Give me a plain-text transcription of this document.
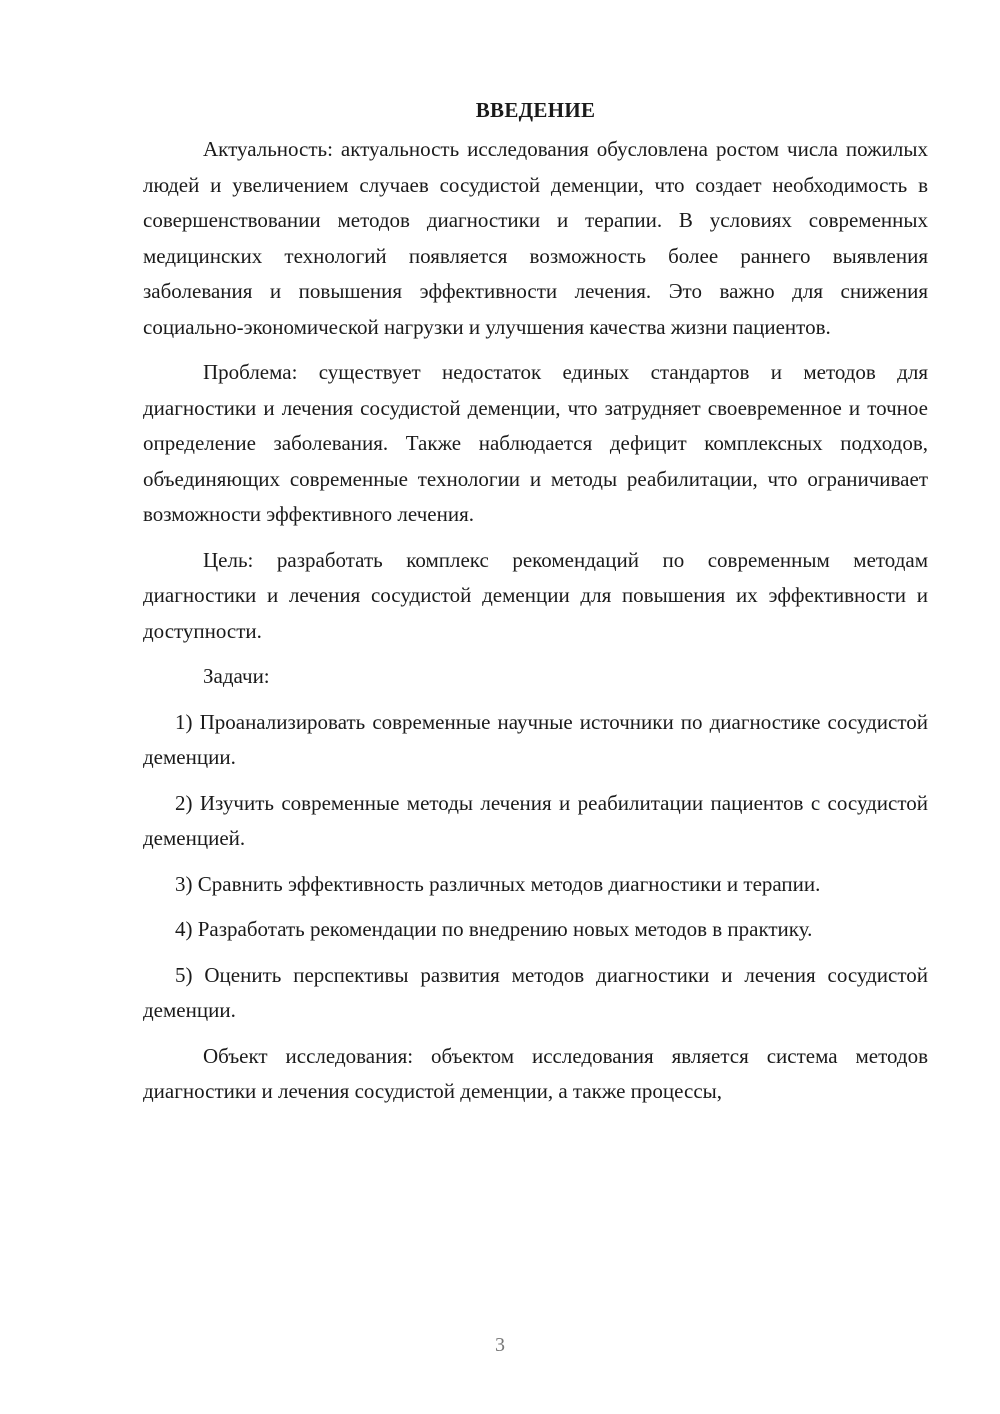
ВВЕДЕНИЕ

Актуальность: актуальность исследования обусловлена ростом числа пожилых людей и увеличением случаев сосудистой деменции, что создает необходимость в совершенствовании методов диагностики и терапии. В условиях современных медицинских технологий появляется возможность более раннего выявления заболевания и повышения эффективности лечения. Это важно для снижения социально-экономической нагрузки и улучшения качества жизни пациентов.

Проблема: существует недостаток единых стандартов и методов для диагностики и лечения сосудистой деменции, что затрудняет своевременное и точное определение заболевания. Также наблюдается дефицит комплексных подходов, объединяющих современные технологии и методы реабилитации, что ограничивает возможности эффективного лечения.

Цель: разработать комплекс рекомендаций по современным методам диагностики и лечения сосудистой деменции для повышения их эффективности и доступности.

Задачи:

1) Проанализировать современные научные источники по диагностике сосудистой деменции.

2) Изучить современные методы лечения и реабилитации пациентов с сосудистой деменцией.

3) Сравнить эффективность различных методов диагностики и терапии.

4) Разработать рекомендации по внедрению новых методов в практику.

5) Оценить перспективы развития методов диагностики и лечения сосудистой деменции.

Объект исследования: объектом исследования является система методов диагностики и лечения сосудистой деменции, а также процессы,

3
